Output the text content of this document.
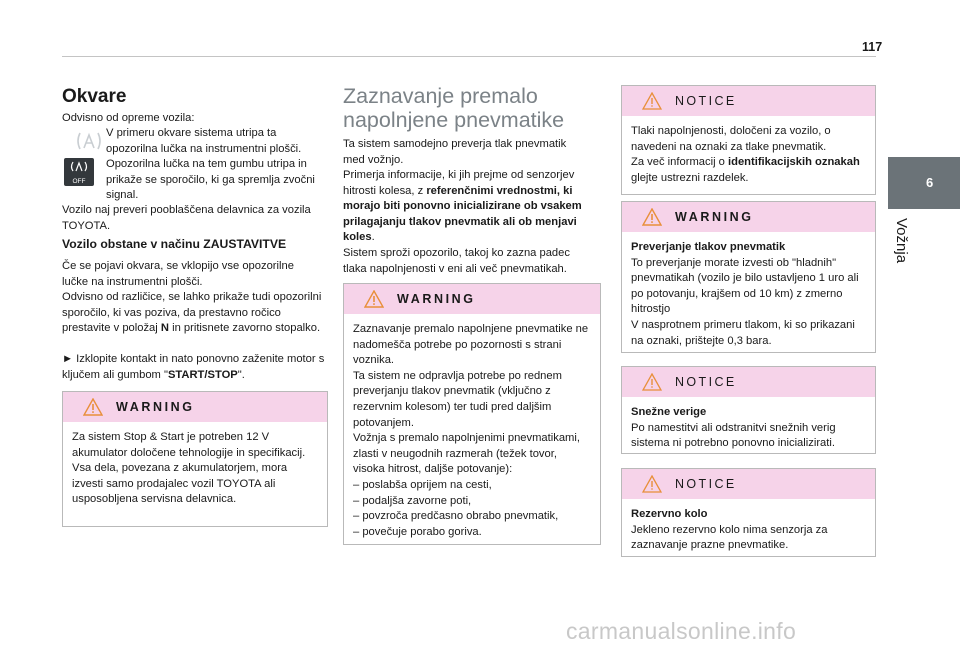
117
6
Vožnja
Okvare
Odvisno od opreme vozila:
V primeru okvare sistema utripa ta opozorilna lučka na instrumentni plošči.
OFF
Opozorilna lučka na tem gumbu utripa in prikaže se sporočilo, ki ga spremlja zvočni signal.
Vozilo naj preveri pooblaščena delavnica za vozila TOYOTA.
Vozilo obstane v načinu ZAUSTAVITVE
Če se pojavi okvara, se vklopijo vse opozorilne lučke na instrumentni plošči.
Odvisno od različice, se lahko prikaže tudi opozorilni sporočilo, ki vas poziva, da prestavno ročico prestavite v položaj N in pritisnete zavorno stopalko.
► Izklopite kontakt in nato ponovno zaženite motor s ključem ali gumbom "START/STOP".
WARNING
Za sistem Stop & Start je potreben 12 V akumulator določene tehnologije in specifikacij.
Vsa dela, povezana z akumulatorjem, mora izvesti samo prodajalec vozil TOYOTA ali usposobljena servisna delavnica.
Zaznavanje premalo napolnjene pnevmatike
Ta sistem samodejno preverja tlak pnevmatik med vožnjo.
Primerja informacije, ki jih prejme od senzorjev hitrosti kolesa, z referenčnimi vrednostmi, ki morajo biti ponovno inicializirane ob vsakem prilagajanju tlakov pnevmatik ali ob menjavi koles.
Sistem sproži opozorilo, takoj ko zazna padec tlaka napolnjenosti v eni ali več pnevmatikah.
WARNING
Zaznavanje premalo napolnjene pnevmatike ne nadomešča potrebe po pozornosti s strani voznika.
Ta sistem ne odpravlja potrebe po rednem preverjanju tlakov pnevmatik (vključno z rezervnim kolesom) ter tudi pred daljšim potovanjem.
Vožnja s premalo napolnjenimi pnevmatikami, zlasti v neugodnih razmerah (težek tovor, visoka hitrost, daljše potovanje):
– poslabša oprijem na cesti,
– podaljša zavorne poti,
– povzroča predčasno obrabo pnevmatik,
– povečuje porabo goriva.
NOTICE
Tlaki napolnjenosti, določeni za vozilo, o navedeni na oznaki za tlake pnevmatik.
Za več informacij o identifikacijskih oznakah glejte ustrezni razdelek.
WARNING
Preverjanje tlakov pnevmatik
To preverjanje morate izvesti ob "hladnih" pnevmatikah (vozilo je bilo ustavljeno 1 uro ali po potovanju, krajšem od 10 km) z zmerno hitrostjo
V nasprotnem primeru tlakom, ki so prikazani na oznaki, prištejte 0,3 bara.
NOTICE
Snežne verige
Po namestitvi ali odstranitvi snežnih verig sistema ni potrebno ponovno inicializirati.
NOTICE
Rezervno kolo
Jekleno rezervno kolo nima senzorja za zaznavanje prazne pnevmatike.
carmanualsonline.info
